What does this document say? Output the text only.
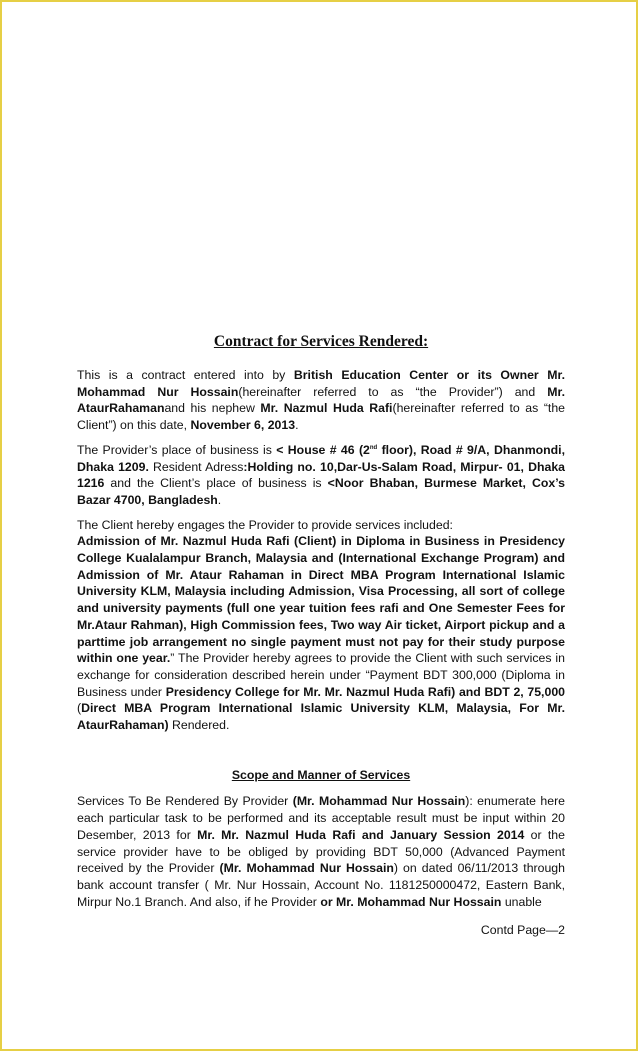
Contract for Services Rendered:

This is a contract entered into by British Education Center or its Owner Mr. Mohammad Nur Hossain(hereinafter referred to as “the Provider”) and Mr. AtaurRahamanand his nephew Mr. Nazmul Huda Rafi(hereinafter referred to as “the Client”) on this date, November 6, 2013.

The Provider’s place of business is < House # 46 (2nd floor), Road # 9/A, Dhanmondi, Dhaka 1209. Resident Adress:Holding no. 10,Dar-Us-Salam Road, Mirpur- 01, Dhaka 1216 and the Client’s place of business is <Noor Bhaban, Burmese Market, Cox’s Bazar 4700, Bangladesh.

The Client hereby engages the Provider to provide services included:
Admission of Mr. Nazmul Huda Rafi (Client) in Diploma in Business in Presidency College Kualalampur Branch, Malaysia and (International Exchange Program) and Admission of Mr. Ataur Rahaman in Direct MBA Program International Islamic University KLM, Malaysia including Admission, Visa Processing, all sort of college and university payments (full one year tuition fees rafi and One Semester Fees for Mr.Ataur Rahman), High Commission fees, Two way Air ticket, Airport pickup and a parttime job arrangement no single payment must not pay for their study purpose within one year.” The Provider hereby agrees to provide the Client with such services in exchange for consideration described herein under “Payment BDT 300,000 (Diploma in Business under Presidency College for Mr. Mr. Nazmul Huda Rafi) and BDT 2, 75,000 (Direct MBA Program International Islamic University KLM, Malaysia, For Mr. AtaurRahaman) Rendered.

Scope and Manner of Services

Services To Be Rendered By Provider (Mr. Mohammad Nur Hossain): enumerate here each particular task to be performed and its acceptable result must be input within 20 Desember, 2013 for Mr. Mr. Nazmul Huda Rafi and January Session 2014 or the service provider have to be obliged by providing BDT 50,000 (Advanced Payment received by the Provider (Mr. Mohammad Nur Hossain) on dated 06/11/2013 through bank account transfer ( Mr. Nur Hossain, Account No. 1181250000472, Eastern Bank, Mirpur No.1 Branch. And also, if he Provider or Mr. Mohammad Nur Hossain unable

Contd Page—2
